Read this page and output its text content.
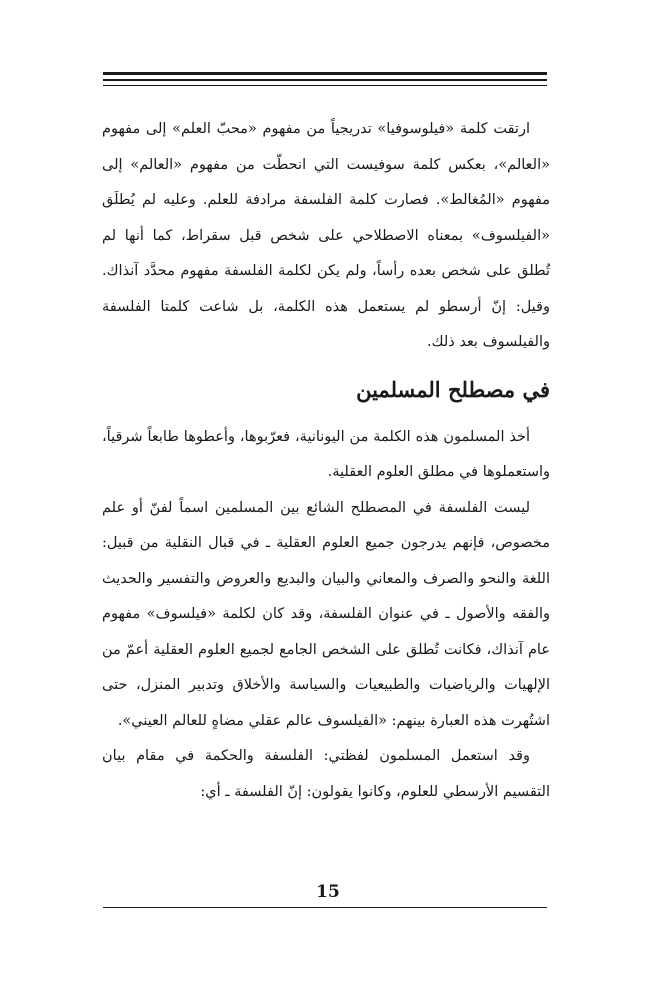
ارتقت كلمة «فيلوسوفيا» تدريجياً من مفهوم «محبّ العلم» إلى مفهوم «العالم»، بعكس كلمة سوفيست التي انحطّت من مفهوم «العالم» إلى مفهوم «المُغالط». فصارت كلمة الفلسفة مرادفة للعلم. وعليه لم يُطلَق «الفيلسوف» بمعناه الاصطلاحي على شخص قبل سقراط، كما أنها لم تُطلق على شخص بعده رأساً، ولم يكن لكلمة الفلسفة مفهوم محدَّد آنذاك. وقيل: إنّ أرسطو لم يستعمل هذه الكلمة، بل شاعت كلمتا الفلسفة والفيلسوف بعد ذلك.

في مصطلح المسلمين

أخذ المسلمون هذه الكلمة من اليونانية، فعرّبوها، وأعطوها طابعاً شرقياً، واستعملوها في مطلق العلوم العقلية.

ليست الفلسفة في المصطلح الشائع بين المسلمين اسماً لفنّ أو علم مخصوص، فإنهم يدرجون جميع العلوم العقلية ـ في قبال النقلية من قبيل: اللغة والنحو والصرف والمعاني والبيان والبديع والعروض والتفسير والحديث والفقه والأصول ـ في عنوان الفلسفة، وقد كان لكلمة «فيلسوف» مفهوم عام آنذاك، فكانت تُطلق على الشخص الجامع لجميع العلوم العقلية أعمّ من الإلهيات والرياضيات والطبيعيات والسياسة والأخلاق وتدبير المنزل، حتى اشتُهرت هذه العبارة بينهم: «الفيلسوف عالم عقلي مضاهٍ للعالم العيني».

وقد استعمل المسلمون لفظتي: الفلسفة والحكمة في مقام بيان التقسيم الأرسطي للعلوم، وكانوا يقولون: إنّ الفلسفة ـ أي:

15
